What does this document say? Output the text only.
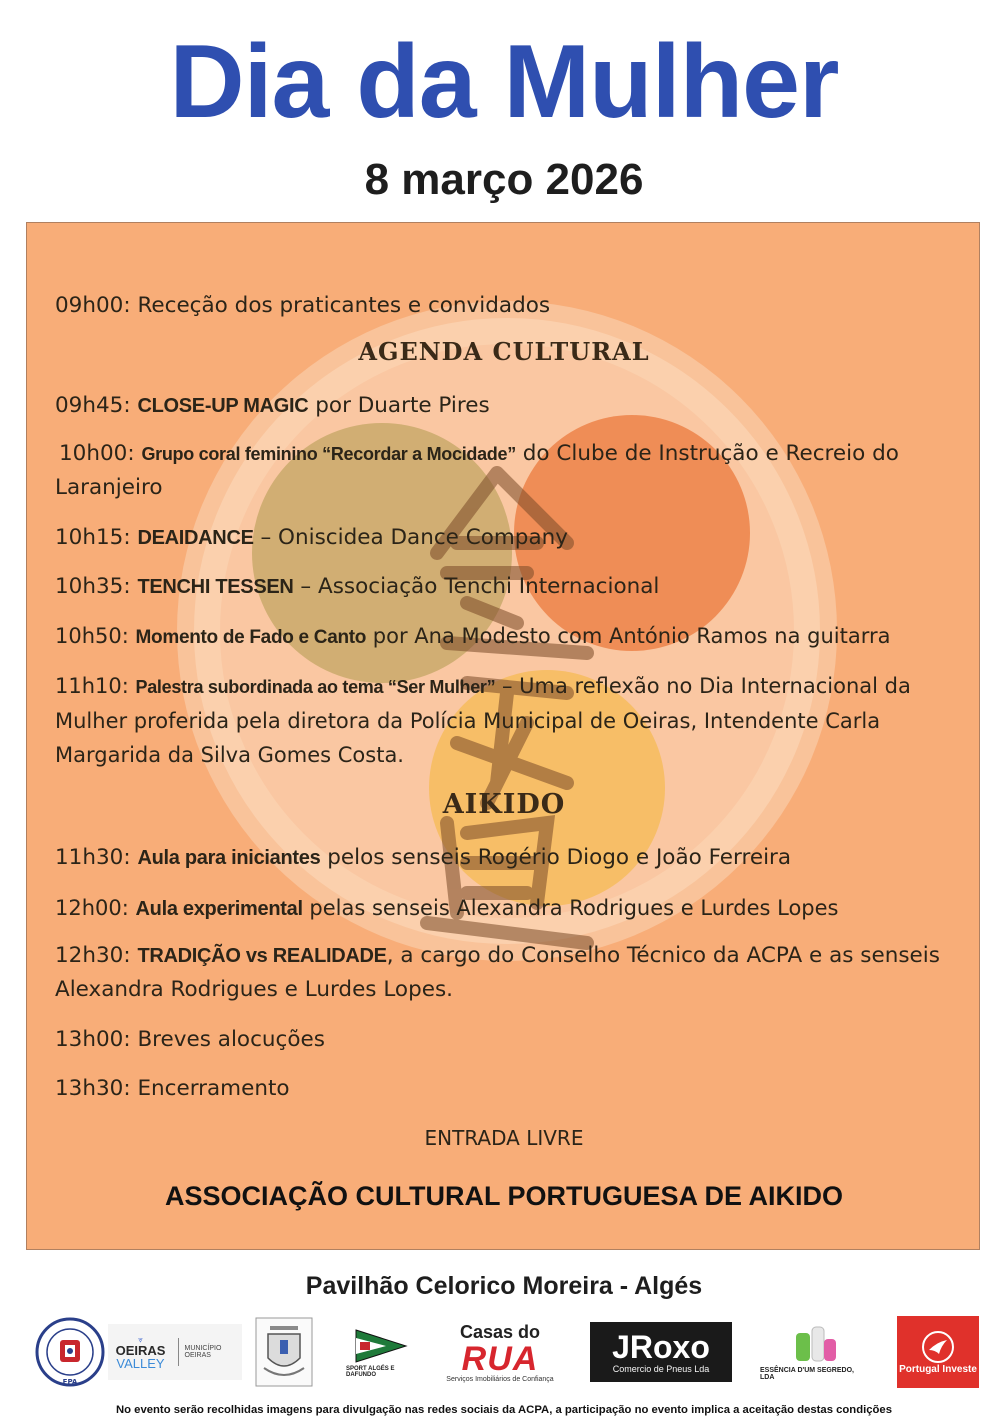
Dia da Mulher
8 março 2026
09h00: Receção dos praticantes e convidados
AGENDA CULTURAL
09h45: CLOSE-UP MAGIC por Duarte Pires
10h00: Grupo coral feminino “Recordar a Mocidade” do Clube de Instrução e Recreio do Laranjeiro
10h15: DEAIDANCE – Oniscidea Dance Company
10h35: TENCHI TESSEN – Associação Tenchi Internacional
10h50: Momento de Fado e Canto por Ana Modesto com António Ramos na guitarra
11h10: Palestra subordinada ao tema “Ser Mulher” – Uma reflexão no Dia Internacional da Mulher proferida pela diretora da Polícia Municipal de Oeiras, Intendente Carla Margarida da Silva Gomes Costa.
AIKIDO
11h30: Aula para iniciantes pelos senseis Rogério Diogo e João Ferreira
12h00: Aula experimental pelas senseis Alexandra Rodrigues e Lurdes Lopes
12h30: TRADIÇÃO vs REALIDADE, a cargo do Conselho Técnico da ACPA e as senseis Alexandra Rodrigues e Lurdes Lopes.
13h00: Breves alocuções
13h30: Encerramento
ENTRADA LIVRE
ASSOCIAÇÃO CULTURAL PORTUGUESA DE AIKIDO
Pavilhão Celorico Moreira - Algés
FPA
⩔
OEIRAS
VALLEY
MUNICÍPIO OEIRAS
SPORT ALGÉS E DAFUNDO
Casas do
RUA
Serviços Imobiliários de Confiança
JRoxo
Comercio de Pneus Lda	ESSÊNCIA D'UM SEGREDO, LDA
Portugal Investe
No evento serão recolhidas imagens para divulgação nas redes sociais da ACPA, a participação no evento implica a aceitação destas condições
